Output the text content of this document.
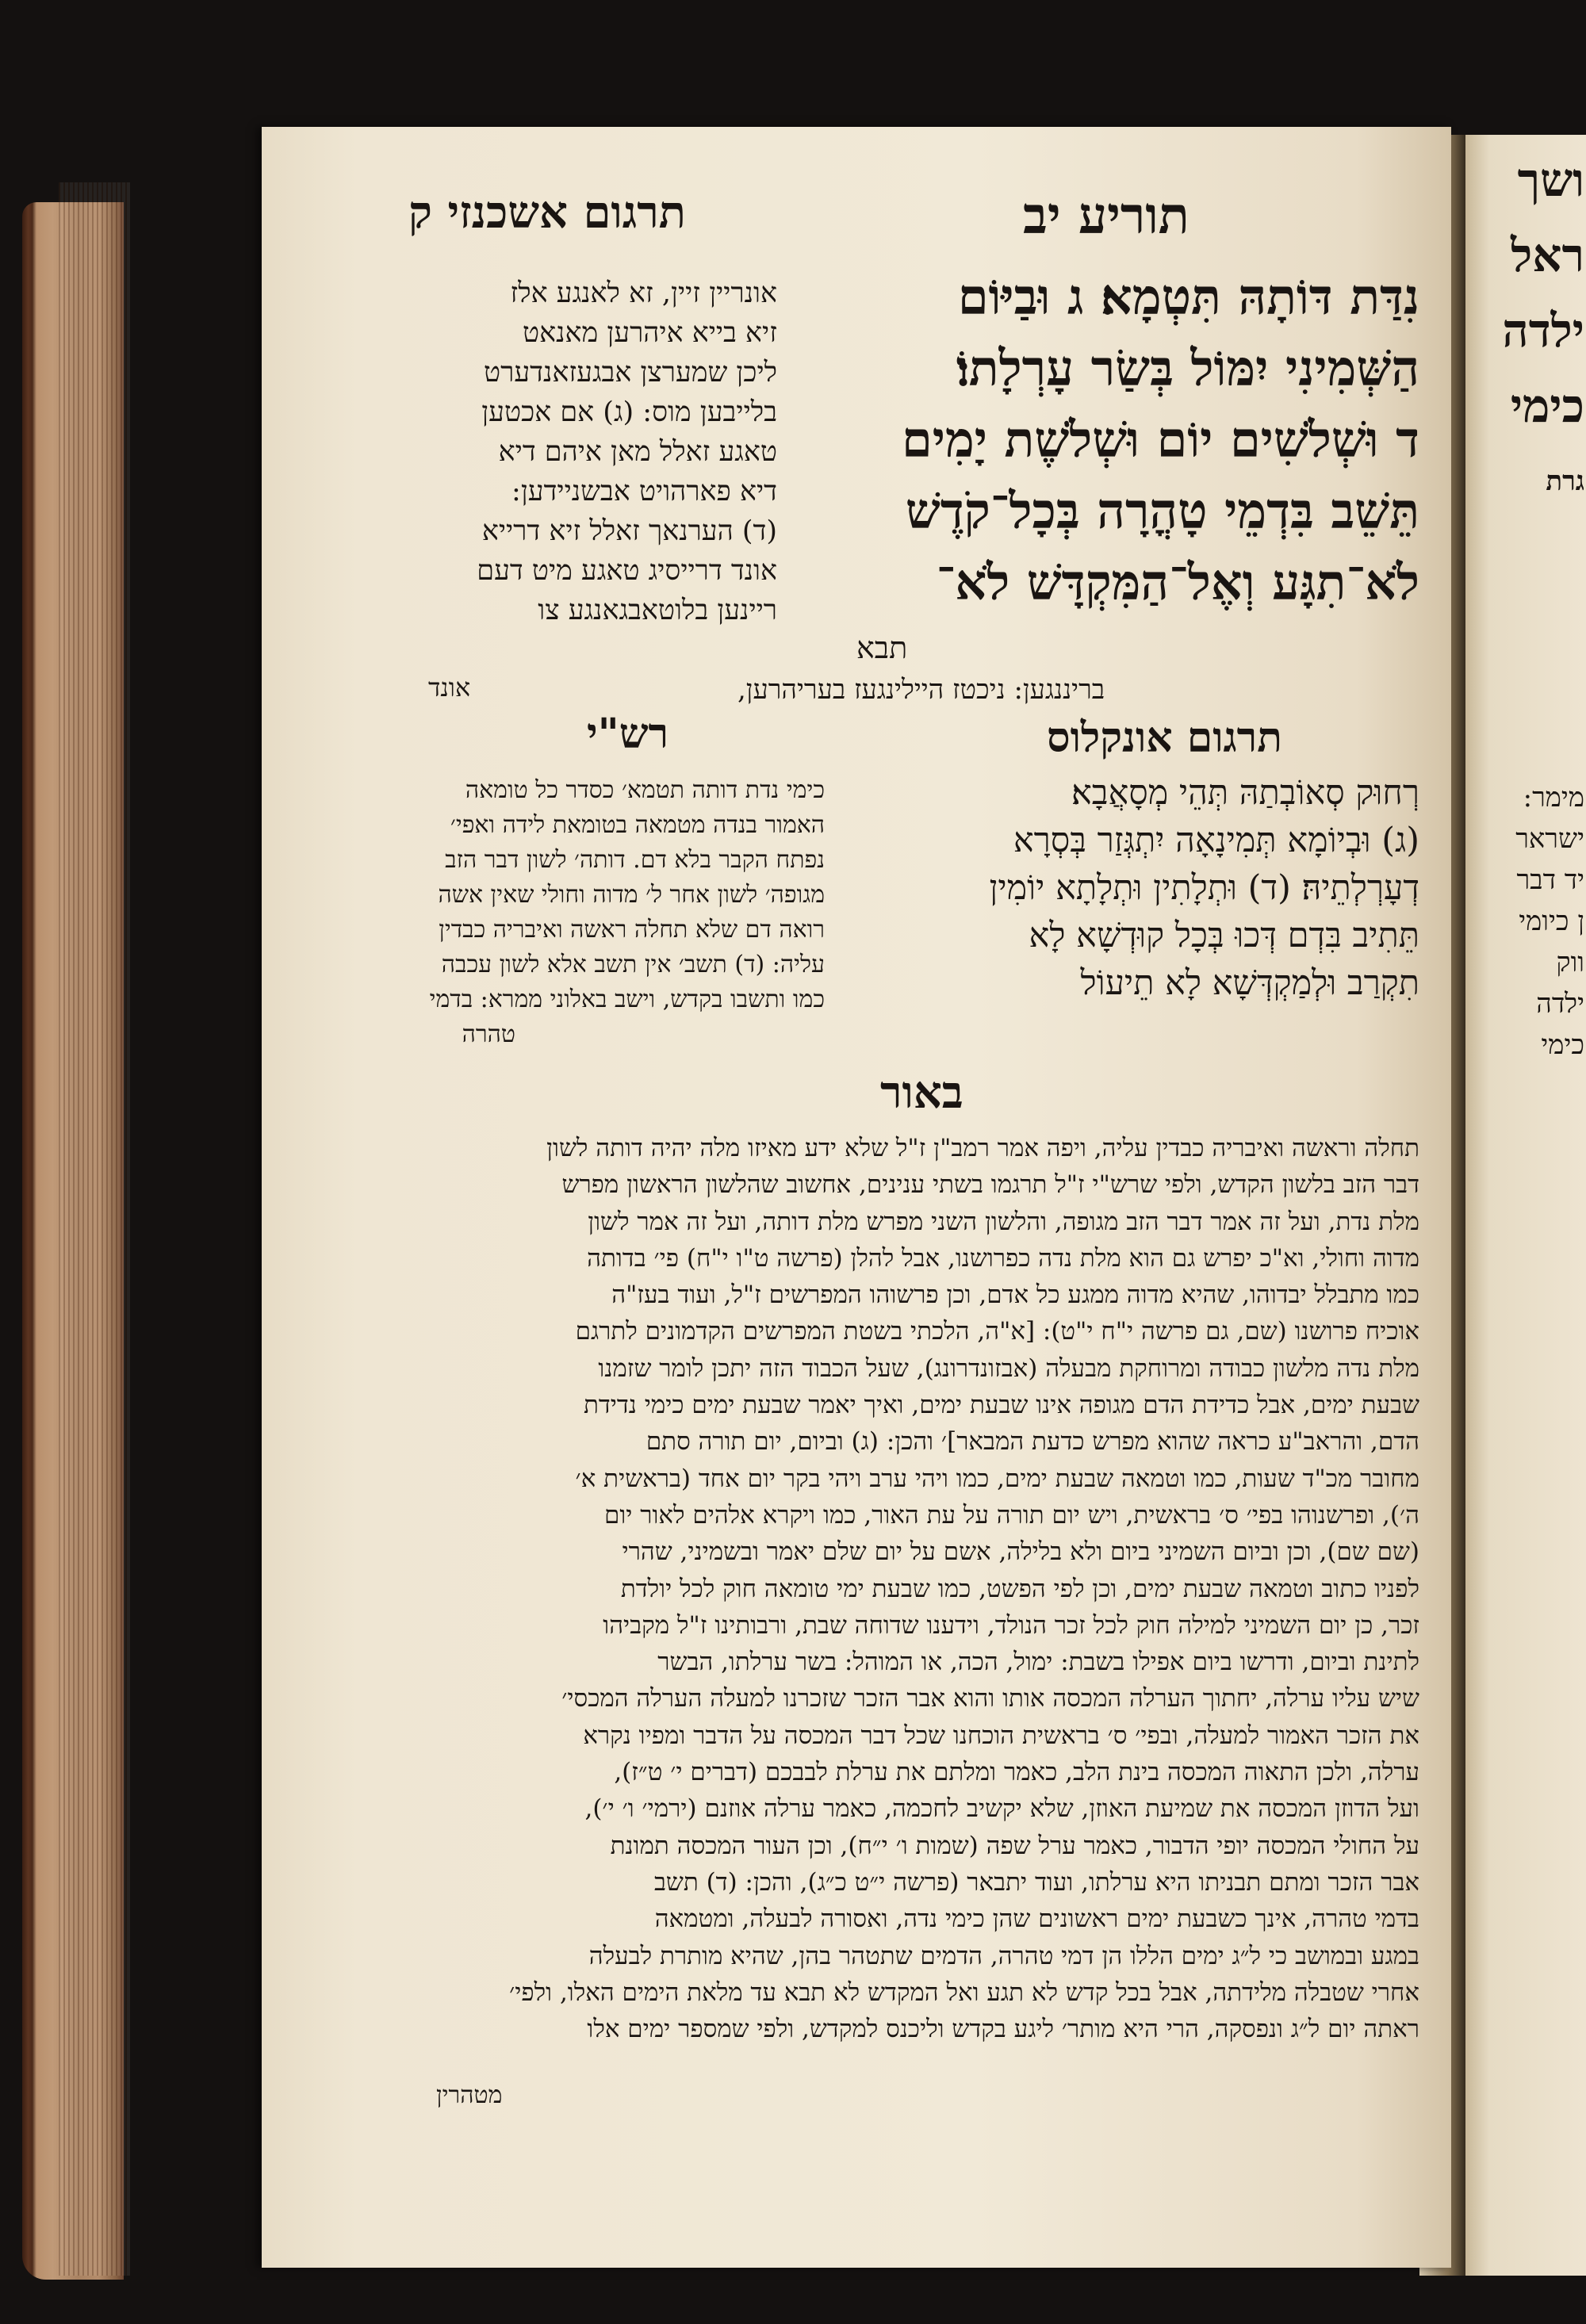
ושך
ראל
ילדה
כימי
גרת
מימר:
ישראר
יד דבר
ן כיומי
ווק
ילדה
כימי
תוריע יב
תרגום אשכנזי ק
נִדַּת דּוֹתָהּ תִּטְמָא׃ ג וּבַיּוֹם
הַשְּׁמִינִי יִמּוֹל בְּשַׂר עָרְלָתוֹ׃
ד וּשְׁלֹשִׁים יוֹם וּשְׁלֹשֶׁת יָמִים
תֵּשֵׁב בִּדְמֵי טָהֳרָה בְּכָל־קֹדֶשׁ
לֹא־תִגָּע וְאֶל־הַמִּקְדָּשׁ לֹא־
תבא
אונריין זיין, זא לאנגע אלז
זיא בייא איהרען מאנאט
ליכן שמערצן אבגעזאנדערט
בלייבען מוס: (ג) אם אכטען
טאגע זאלל מאן איהם דיא
דיא פארהויט אבשניידען:
(ד) הערנאך זאלל זיא דרייא
אונד דרייסיג טאגע מיט דעם
ריינען בלוטאבגאנגע צו
בריננגען: ניכטז היילינגעז בעריהרען,
אונד
תרגום אונקלוס
רש"י
רְחוּק סְאוֹבְתַהּ תְּהֵי מְסָאֲבָא׃
(ג) וּבְיוֹמָא תְּמִינָאָה יִתְגְּזַר בְּסְרָא
דְעָרְלְתֵיהּ׃ (ד) וּתְלָתִין וּתְלָתָא יוֹמִין
תֵּתִיב בִּדְם דְּכוּ בְּכָל קוּדְשָׁא לָא
תִקְרַב וּלְמַקְדְּשָׁא לָא תֵיעוֹל
כימי נדת דותה תטמא׳ כסדר כל טומאה
האמור בנדה מטמאה בטומאת לידה ואפי׳
נפתח הקבר בלא דם. דותה׳ לשון דבר הזב
מגופה׳ לשון אחר ל׳ מדוה וחולי שאין אשה
רואה דם שלא תחלה ראשה ואיבריה כבדין
עליה: (ד) תשב׳ אין תשב אלא לשון עכבה
כמו ותשבו בקדש, וישב באלוני ממרא: בדמי
טהרה
באור
תחלה וראשה ואיבריה כבדין עליה, ויפה אמר רמב"ן ז"ל שלא ידע מאיזו מלה יהיה דותה לשון
דבר הזב בלשון הקדש, ולפי שרש"י ז"ל תרגמו בשתי ענינים, אחשוב שהלשון הראשון מפרש
מלת נדת, ועל זה אמר דבר הזב מגופה, והלשון השני מפרש מלת דותה, ועל זה אמר לשון
מדוה וחולי, וא"כ יפרש גם הוא מלת נדה כפרושנו, אבל להלן (פרשה ט"ו י"ח) פי׳ בדותה
כמו מתבלל יבדוהו, שהיא מדוה ממגע כל אדם, וכן פרשוהו המפרשים ז"ל, ועוד בעז"ה
אוכיח פרושנו (שם, גם פרשה י"ח י"ט): [א"ה, הלכתי בשטת המפרשים הקדמונים לתרגם
מלת נדה מלשון כבודה ומרוחקת מבעלה (אבזונדרונג), שעל הכבוד הזה יתכן לומר שזמנו
שבעת ימים, אבל כדידת הדם מגופה אינו שבעת ימים, ואיך יאמר שבעת ימים כימי נדידת
הדם, והראב"ע כראה שהוא מפרש כדעת המבאר]׳ והכן: (ג) וביום, יום תורה סתם
מחובר מכ"ד שעות, כמו וטמאה שבעת ימים, כמו ויהי ערב ויהי בקר יום אחד (בראשית א׳
ה׳), ופרשנוהו בפי׳ ס׳ בראשית, ויש יום תורה על עת האור, כמו ויקרא אלהים לאור יום
(שם שם), וכן וביום השמיני ביום ולא בלילה, אשם על יום שלם יאמר ובשמיני, שהרי
לפניו כתוב וטמאה שבעת ימים, וכן לפי הפשט, כמו שבעת ימי טומאה חוק לכל יולדת
זכר, כן יום השמיני למילה חוק לכל זכר הנולד, וידענו שדוחה שבת, ורבותינו ז"ל מקביהו
לתינת וביום, ודרשו ביום אפילו בשבת: ימול, הכה, או המוהל: בשר ערלתו, הבשר
שיש עליו ערלה, יחתוך הערלה המכסה אותו והוא אבר הזכר שזכרנו למעלה הערלה המכסי׳
את הזכר האמור למעלה, ובפי׳ ס׳ בראשית הוכחנו שכל דבר המכסה על הדבר ומפיו נקרא
ערלה, ולכן התאוה המכסה בינת הלב, כאמר ומלתם את ערלת לבבכם (דברים י׳ ט״ז),
ועל הדוזן המכסה את שמיעת האוזן, שלא יקשיב לחכמה, כאמר ערלה אוזנם (ירמי׳ ו׳ י׳),
על החולי המכסה יופי הדבור, כאמר ערל שפה (שמות ו׳ י״ח), וכן העור המכסה תמונת
אבר הזכר ומתם תבניתו היא ערלתו, ועוד יתבאר (פרשה י״ט כ״ג), והכן: (ד) תשב
בדמי טהרה, אינך כשבעת ימים ראשונים שהן כימי נדה, ואסורה לבעלה, ומטמאה
במגע ובמושב כי ל״ג ימים הללו הן דמי טהרה, הדמים שתטהר בהן, שהיא מותרת לבעלה
אחרי שטבלה מלידתה, אבל בכל קדש לא תגע ואל המקדש לא תבא עד מלאת הימים האלו, ולפי׳
ראתה יום ל״ג ונפסקה, הרי היא מותר׳ ליגע בקדש וליכנס למקדש, ולפי שמספר ימים אלו
מטהרין
